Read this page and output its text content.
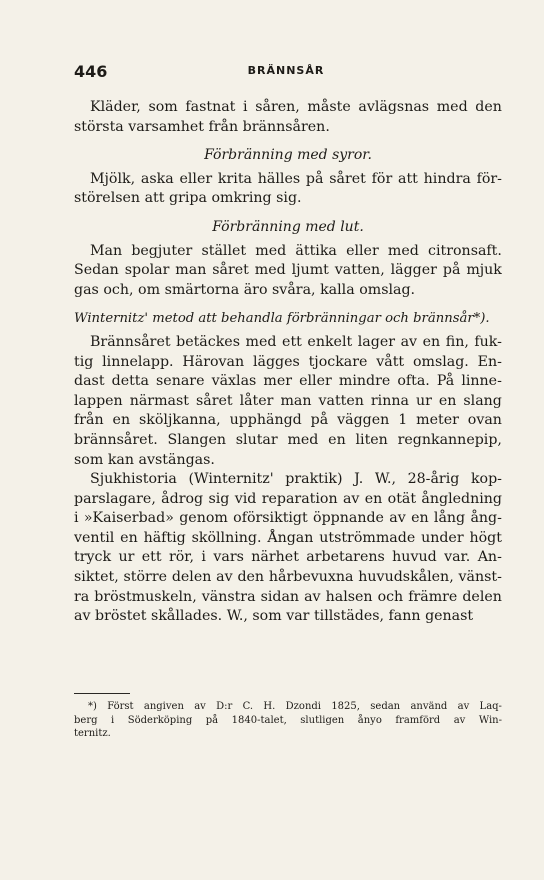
446	BRÄNNSÅR
Kläder, som fastnat i såren, måste avlägsnas med den
största varsamhet från brännsåren.
Förbränning med syror.
Mjölk, aska eller krita hälles på såret för att hindra för-
störelsen att gripa omkring sig.
Förbränning med lut.
Man begjuter stället med ättika eller med citronsaft.
Sedan spolar man såret med ljumt vatten, lägger på mjuk
gas och, om smärtorna äro svåra, kalla omslag.
Winternitz' metod att behandla förbränningar och brännsår*).
Brännsåret betäckes med ett enkelt lager av en fin, fuk-
tig linnelapp. Härovan lägges tjockare vått omslag. En-
dast detta senare växlas mer eller mindre ofta. På linne-
lappen närmast såret låter man vatten rinna ur en slang
från en sköljkanna, upphängd på väggen 1 meter ovan
brännsåret. Slangen slutar med en liten regnkannepip,
som kan avstängas.
Sjukhistoria (Winternitz' praktik) J. W., 28-årig kop-
parslagare, ådrog sig vid reparation av en otät ångledning
i »Kaiserbad» genom oförsiktigt öppnande av en lång ång-
ventil en häftig sköllning. Ångan utströmmade under högt
tryck ur ett rör, i vars närhet arbetarens huvud var. An-
siktet, större delen av den hårbevuxna huvudskålen, vänst-
ra bröstmuskeln, vänstra sidan av halsen och främre delen
av bröstet skållades. W., som var tillstädes, fann genast
*) Först angiven av D:r C. H. Dzondi 1825, sedan använd av Laq-
berg i Söderköping på 1840-talet, slutligen ånyo framförd av Win-
ternitz.
